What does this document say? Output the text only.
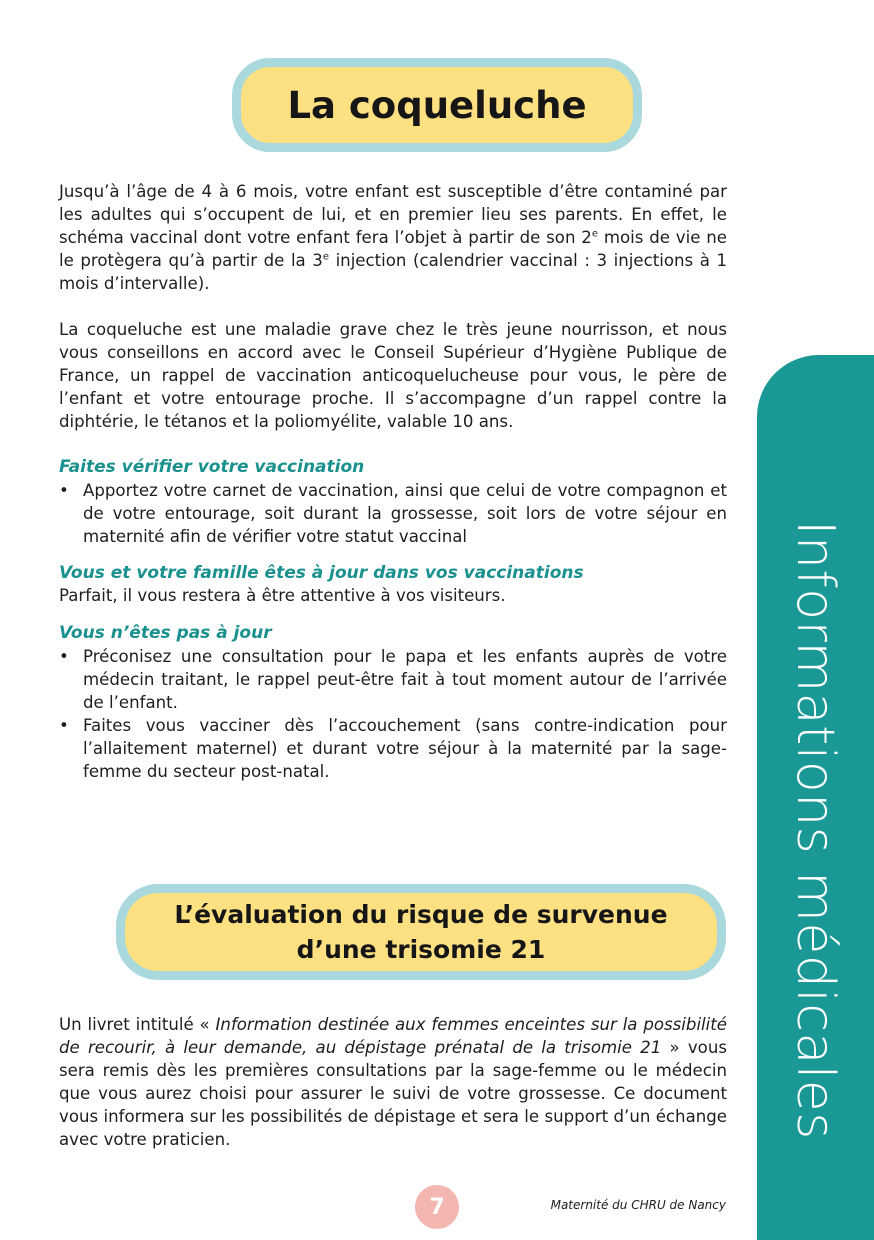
La coqueluche

Jusqu’à l’âge de 4 à 6 mois, votre enfant est susceptible d’être contaminé par les adultes qui s’occupent de lui, et en premier lieu ses parents. En effet, le schéma vaccinal dont votre enfant fera l’objet à partir de son 2e mois de vie ne le protègera qu’à partir de la 3e injection (calendrier vaccinal : 3 injections à 1 mois d’intervalle).

La coqueluche est une maladie grave chez le très jeune nourrisson, et nous vous conseillons en accord avec le Conseil Supérieur d’Hygiène Publique de France, un rappel de vaccination anticoquelucheuse pour vous, le père de l’enfant et votre entourage proche. Il s’accompagne d’un rappel contre la diphtérie, le tétanos et la poliomyélite, valable 10 ans.

Faites vérifier votre vaccination
• Apportez votre carnet de vaccination, ainsi que celui de votre compagnon et de votre entourage, soit durant la grossesse, soit lors de votre séjour en maternité afin de vérifier votre statut vaccinal
Vous et votre famille êtes à jour dans vos vaccinations

Parfait, il vous restera à être attentive à vos visiteurs.

Vous n’êtes pas à jour
• Préconisez une consultation pour le papa et les enfants auprès de votre médecin traitant, le rappel peut-être fait à tout moment autour de l’arrivée de l’enfant.
• Faites vous vacciner dès l’accouchement (sans contre-indication pour l’allaitement maternel) et durant votre séjour à la maternité par la sage-femme du secteur post-natal.
L’évaluation du risque de survenue
d’une trisomie 21

Un livret intitulé « Information destinée aux femmes enceintes sur la possibilité de recourir, à leur demande, au dépistage prénatal de la trisomie 21 » vous sera remis dès les premières consultations par la sage-femme ou le médecin que vous aurez choisi pour assurer le suivi de votre grossesse. Ce document vous informera sur les possibilités de dépistage et sera le support d’un échange avec votre praticien.	Informations médicales
7	Maternité du CHRU de Nancy
